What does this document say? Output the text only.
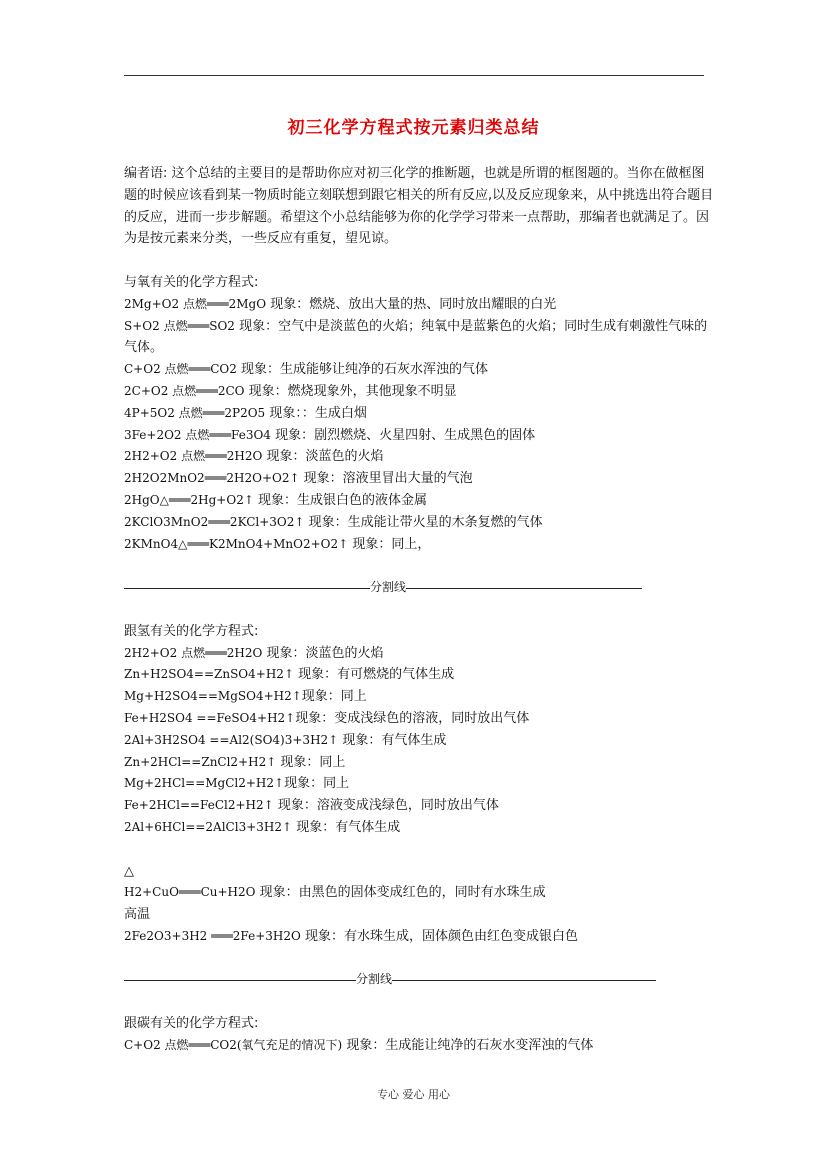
初三化学方程式按元素归类总结

编者语: 这个总结的主要目的是帮助你应对初三化学的推断题，也就是所谓的框图题的。当你在做框图题的时候应该看到某一物质时能立刻联想到跟它相关的所有反应,以及反应现象来，从中挑选出符合题目的反应，进而一步步解题。希望这个小总结能够为你的化学学习带来一点帮助，那编者也就满足了。因为是按元素来分类，一些反应有重复，望见谅。

与氧有关的化学方程式:
2Mg+O2 点燃═══2MgO 现象：燃烧、放出大量的热、同时放出耀眼的白光
S+O2 点燃═══SO2 现象：空气中是淡蓝色的火焰；纯氧中是蓝紫色的火焰；同时生成有刺激性气味的气体。
C+O2 点燃═══CO2 现象：生成能够让纯净的石灰水浑浊的气体
2C+O2 点燃═══2CO 现象：燃烧现象外，其他现象不明显
4P+5O2 点燃═══2P2O5 现象：：生成白烟
3Fe+2O2 点燃═══Fe3O4 现象：剧烈燃烧、火星四射、生成黑色的固体
2H2+O2 点燃═══2H2O 现象：淡蓝色的火焰
2H2O2MnO2═══2H2O+O2↑ 现象：溶液里冒出大量的气泡
2HgO△═══2Hg+O2↑ 现象：生成银白色的液体金属
2KClO3MnO2═══2KCl+3O2↑ 现象：生成能让带火星的木条复燃的气体
2KMnO4△═══K2MnO4+MnO2+O2↑ 现象：同上，
分割线
跟氢有关的化学方程式:
2H2+O2 点燃═══2H2O 现象：淡蓝色的火焰
Zn+H2SO4==ZnSO4+H2↑ 现象：有可燃烧的气体生成
Mg+H2SO4==MgSO4+H2↑现象：同上
Fe+H2SO4 ==FeSO4+H2↑现象：变成浅绿色的溶液，同时放出气体
2Al+3H2SO4 ==Al2(SO4)3+3H2↑ 现象：有气体生成
Zn+2HCl==ZnCl2+H2↑ 现象：同上
Mg+2HCl==MgCl2+H2↑现象：同上
Fe+2HCl==FeCl2+H2↑ 现象：溶液变成浅绿色，同时放出气体
2Al+6HCl==2AlCl3+3H2↑ 现象：有气体生成
△
H2+CuO═══Cu+H2O 现象：由黑色的固体变成红色的，同时有水珠生成
高温
2Fe2O3+3H2 ═══2Fe+3H2O 现象：有水珠生成，固体颜色由红色变成银白色
分割线
跟碳有关的化学方程式:
C+O2 点燃═══CO2(氧气充足的情况下) 现象：生成能让纯净的石灰水变浑浊的气体
专心 爱心 用心
